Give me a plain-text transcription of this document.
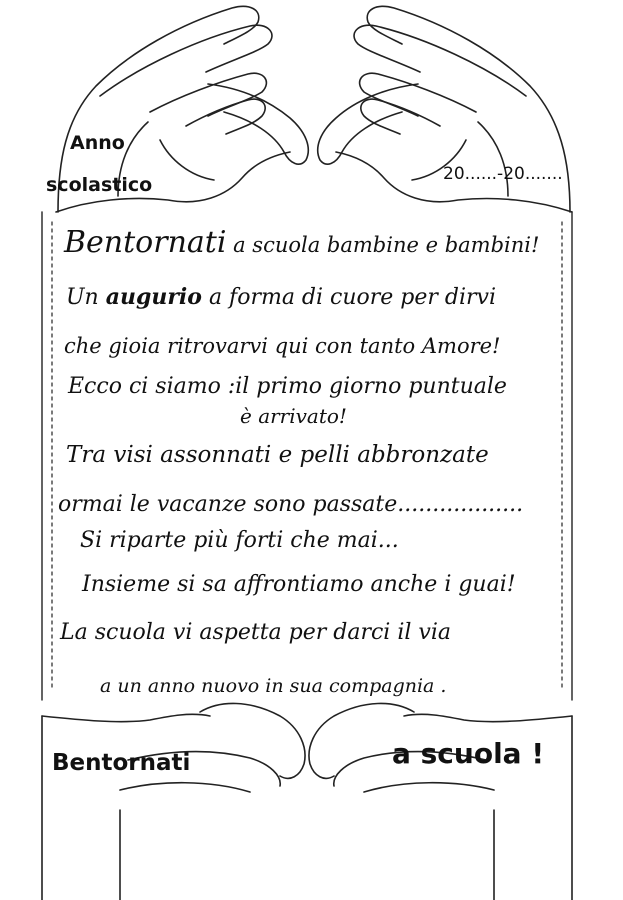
Anno
scolastico	20......-20.......
Bentornati a scuola bambine e bambini!
Un augurio a forma di cuore per dirvi
che gioia ritrovarvi qui con tanto Amore!
Ecco ci siamo :il primo giorno puntuale
è arrivato!
Tra visi assonnati e pelli abbronzate
ormai le vacanze sono passate..................
Si riparte più forti che mai...
Insieme si sa affrontiamo anche i guai!
La scuola vi aspetta per darci il via
a un anno nuovo in sua compagnia .
Bentornati	a scuola !
